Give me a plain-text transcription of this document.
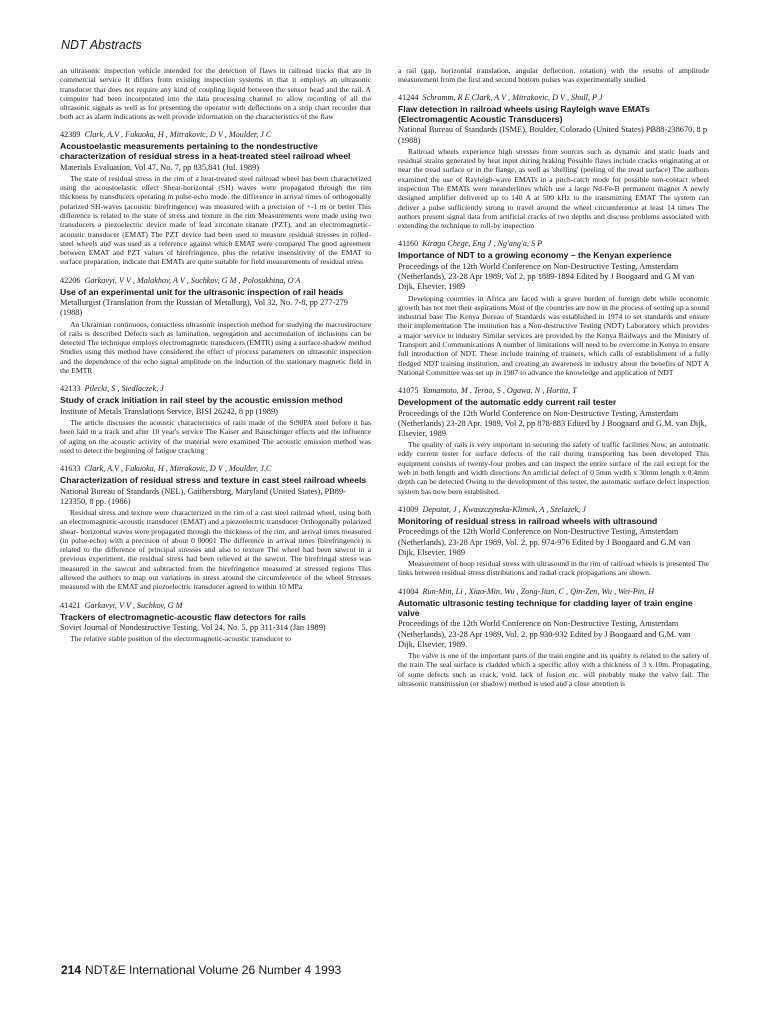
NDT Abstracts

an ultrasonic inspection vehicle intended for the detection of flaws in railroad tracks that are in commercial service It differs from existing inspection systems in that it employs an ultrasonic transducer that does not require any kind of coupling liquid between the sensor head and the rail. A computer had been incorporated into the data processing channel to allow recording of all the ultrasonic signals as well as for presenting the operator with deflections on a strip chart recorder that both act as alarm indications as well provide information on the characteristics of the flaw

42389 Clark, A.V , Fukuoka, H , Mitrakovic, D V , Moulder, J C
Acoustoelastic measurements pertaining to the nondestructive characterization of residual stress in a heat-treated steel railroad wheel
Materials Evaluation, Vol 47, No. 7, pp 835,841 (Jul. 1989)
The state of residual stress in the rim of a heat-treated steel railroad wheel has been characterized using the acoustoelastic effect Shear-horizontal (SH) waves were propagated through the rim thickness by transducers operating in pulse-echo mode. the difference in arrival times of orthogonally polarized SH-waves (acoustic birefringence) was measured with a precision of +-1 ns or better This difference is related to the state of stress and texture in the rim Measurements were made using two transducers a piezoelectric device made of lead zirconate titanate (PZT), and an electromagnetic-acoustic transducer (EMAT) The PZT device had been used to measure residual stresses in rolled-steel wheels and was used as a reference against which EMAT were compared The good agreement between EMAT and PZT values of birefringence, plus the relative insensitivity of the EMAT to surface preparation, indicate that EMATs are quite suitable for field measurements of residual stress
42206 Garkavyi, V V , Malakhov, A V , Suchkov, G M , Polosukhina, O A
Use of an experimental unit for the ultrasonic inspection of rail heads
Metallurgist (Translation from the Russian of Metallurg), Vol 32, No. 7-8, pp 277-279 (1988)
An Ukrainian continuous, contactless ultrasonic inspection method for studying the macrostructure of rails is described Defects such as lamination, segregation and accumulation of inclusions can be detected The technique employs electromagnetic transducers (EMTR) using a surface-shadow method Studies using this method have considered the effect of process parameters on ultrasonic inspection and the dependence of the echo signal amplitude on the induction of the stationary magnetic field in the EMTR
42133 Pilecki, S , Siedlaczek, J
Study of crack initiation in rail steel by the acoustic emission method
Institute of Metals Translations Service, BISI 26242, 8 pp (1989)
The article discusses the acoustic characteristics of rails made of the St90PA steel before it has been laid in a track and after 10 year's service The Kaiser and Bauschinger effects and the influence of aging on the acoustic activity of the material were examined The acoustic emission method was used to detect the beginning of fatigue cracking
41633 Clark, A.V , Fukuoka, H , Mitrakovic, D V , Moulder, J.C
Characterization of residual stress and texture in cast steel railroad wheels
National Bureau of Standards (NEL), Gaithersburg, Maryland (United States), PB89-123350, 8 pp. (1986)
Residual stress and texture were characterized in the rim of a cast steel railroad wheel, using both an electromagnetic-acoustic transducer (EMAT) and a piezoelectric transducer Orthogonally polarized shear- horizontal waves were propagated through the thickness of the rim, and arrival times measured (in pulse-echo) with a precision of about 0 00001 The difference in arrival times (birefringence) is related to the difference of principal stresses and also to texture The wheel had been sawcut in a previous experiment, the residual stress had been relieved at the sawcut. The birefringal stress was measured in the sawcut and subtracted from the birefringence measured at stressed regions This allowed the authors to map out variations in stress around the circumference of the wheel Stresses measured with the EMAT and piezoelectric transducer agreed to within 10 MPa
41421 Garkavyi, V V , Suchkov, G M
Trackers of electromagnetic-acoustic flaw detectors for rails
Soviet Journal of Nondestructive Testing, Vol 24, No. 5, pp 311-314 (Jan 1989)
The relative stable position of the electromagnetic-acoustic transducer to

a rail (gap, horizontal translation, angular deflection, rotation) with the results of amplitude measurement from the first and second bottom pulses was experimentally studied

41244 Schramm, R E Clark, A V , Mitrakovic, D V , Shull, P J
Flaw detection in railroad wheels using Rayleigh wave EMATs (Electromagentic Acoustic Transducers)
National Bureau of Standards (ISME), Boulder, Colorado (United States) PB88-238670, 8 p (1988)
Railroad wheels experience high stresses from sources such as dynamic and static loads and residual strains generated by heat input during braking Possible flaws include cracks originating at or near the tread surface or in the flange, as well as 'shelling' (peeling of the tread surface) The authors examined the use of Rayleigh-wave EMATs in a pitch-catch mode for possible non-contact wheel inspection The EMATs were meanderlines which use a large Nd-Fe-B permanent magnet A newly designed amplifier delivered up to 140 A at 500 kHz to the transmitting EMAT The system can deliver a pulse sufficiently strong to travel around the wheel circumference at least 14 times The authors present signal data from artificial cracks of two depths and discuss problems associated with extending the technique to roll-by inspection
41160 Kiragu Chege, Eng J , Ng'ang'a, S P
Importance of NDT to a growing economy – the Kenyan experience
Proceedings of the 12th World Conference on Non-Destructive Testing, Amsterdam (Netherlands), 23-28 Apr 1989, Vol 2, pp 1889-1894 Edited by J Boogaard and G M van Dijk, Elsevier, 1989
Developing countries in Africa are faced with a grave burden of foreign debt while economic growth has not met their aspirations Most of the countries are now in the process of setting up a sound industrial base The Kenya Bureau of Standards was established in 1974 to set standards and ensure their implementation The institution has a Non-destructive Testing (NDT) Laboratory which provides a major service to industry Similar services are provided by the Kenya Railways and the Ministry of Transport and Communications A number of limitations will need to be overcome in Kenya to ensure full introduction of NDT. These include training of trainers, which calls of establishment of a fully fledged NDT training institution, and creating an awareness in industry about the benefits of NDT A National Committee was set up in 1987 to advance the knowledge and application of NDT
41075 Yamamoto, M , Terao, S , Ogawa, N , Horita, T
Development of the automatic eddy current rail tester
Proceedings of the 12th World Conference on Non-Destructive Testing, Amsterdam (Netherlands) 23-28 Apr. 1989, Vol 2, pp 878-883 Edited by J Boogaard and G.M. van Dijk, Elsevier, 1989
The quality of rails is very important in securing the safety of traffic facilities Now, an automatic eddy current tester for surface defects of the rail during transporting has been developed This equipment consists of twenty-four probes and can inspect the entire surface of the rail except for the web in both length and width directions An artificial defect of 0 5mm width x 30mm length x 0.4mm depth can be detected Owing to the development of this tester, the automatic surface defect inspection system has now been established.
41009 Deputat, J , Kwaszczynska-Klimek, A , Szelazek, J
Monitoring of residual stress in railroad wheels with ultrasound
Proceedings of the 12th World Conference on Non-Destructive Testing, Amsterdam (Netherlands), 23-28 Apr 1989, Vol. 2, pp. 974-976 Edited by J Boogaard and G.M van Dijk, Elsevier, 1989
Measurement of hoop residual stress with ultrasound in the rim of railroad wheels is presented The links between residual stress distributions and radial crack propagations are shown.
41004 Run-Min, Li , Xiao-Min, Wu , Zong-Jian, C , Qin-Zen, Wu , Wei-Pin, H
Automatic ultrasonic testing technique for cladding layer of train engine valve
Proceedings of the 12th World Conference on Non-Destructive Testing, Amsterdam (Netherlands), 23-28 Apr 1989, Vol. 2, pp 930-932 Edited by J Boogaard and G.M. van Dijk, Elsevier, 1989.
The valve is one of the important parts of the train engine and its quality is related to the safety of the train The seal surface is cladded which a specific alloy with a thickness of 3 x 10m. Propagating of some defects such as crack, void, lack of fusion etc. will probably make the valve fail. The ultrasonic transmission (or shadow) method is used and a close attention is
214 NDT&E International Volume 26 Number 4 1993
